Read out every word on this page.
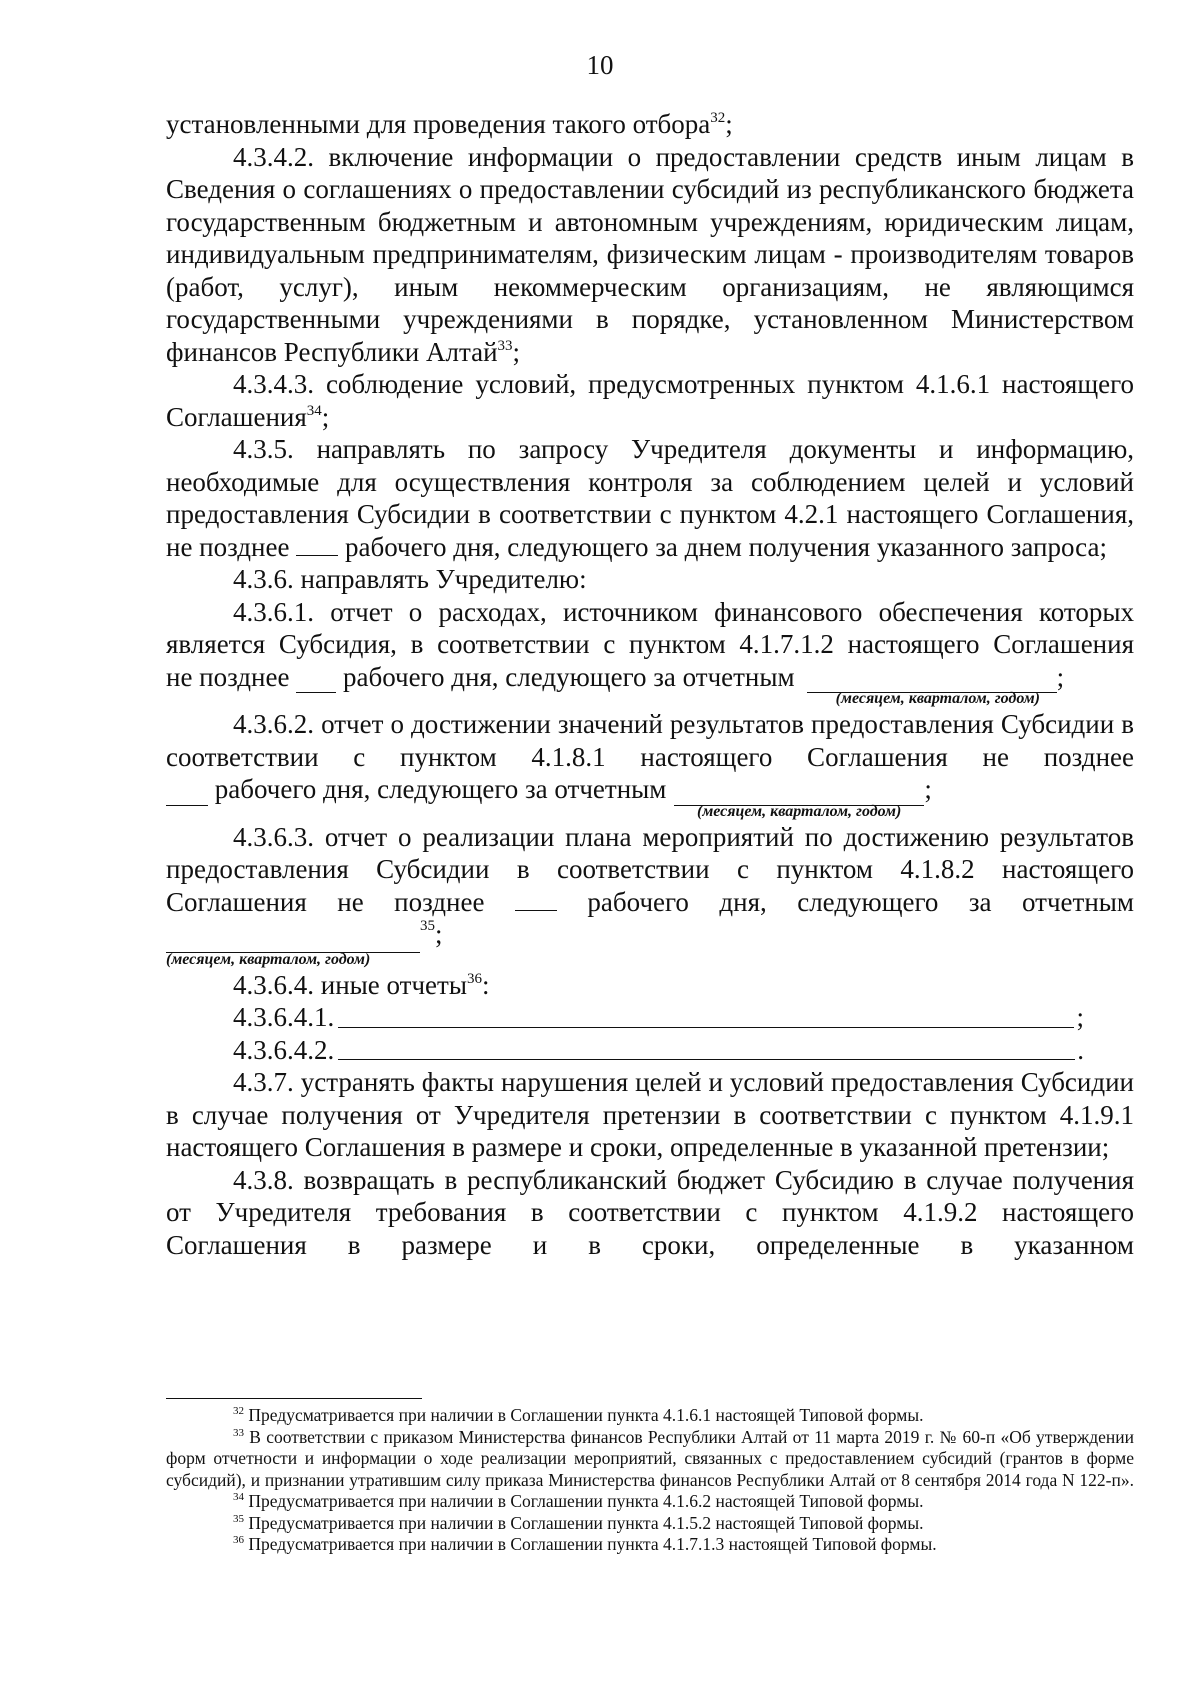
10

установленными для проведения такого отбора$^{32}$;

4.3.4.2. включение информации о предоставлении средств иным лицам в Сведения о соглашениях о предоставлении субсидий из республиканского бюджета государственным бюджетным и автономным учреждениям, юридическим лицам, индивидуальным предпринимателям, физическим лицам - производителям товаров (работ, услуг), иным некоммерческим организациям, не являющимся государственными учреждениями в порядке, установленном Министерством финансов Республики Алтай$^{33}$;

4.3.4.3. соблюдение условий, предусмотренных пунктом 4.1.6.1 настоящего Соглашения$^{34}$;

4.3.5. направлять по запросу Учредителя документы и информацию, необходимые для осуществления контроля за соблюдением целей и условий предоставления Субсидии в соответствии с пунктом 4.2.1 настоящего Соглашения, не позднее рабочего дня, следующего за днем получения указанного запроса;

4.3.6. направлять Учредителю:

4.3.6.1. отчет о расходах, источником финансового обеспечения которых является Субсидия, в соответствии с пунктом 4.1.7.1.2 настоящего Соглашения

не позднее

рабочего дня, следующего за отчетным	;
(месяцем, кварталом, годом)

4.3.6.2. отчет о достижении значений результатов предоставления Субсидии в соответствии с пунктом 4.1.8.1 настоящего Соглашения не позднее

рабочего дня, следующего за отчетным	;
(месяцем, кварталом, годом)

4.3.6.3. отчет о реализации плана мероприятий по достижению результатов предоставления Субсидии в соответствии с пунктом 4.1.8.2 настоящего Соглашения не позднее	рабочего дня, следующего за отчетным

$^{35}$;
(месяцем, кварталом, годом)

4.3.6.4. иные отчеты$^{36}$:

4.3.6.4.1.	;
4.3.6.4.2.	.

4.3.7. устранять факты нарушения целей и условий предоставления Субсидии в случае получения от Учредителя претензии в соответствии с пунктом 4.1.9.1 настоящего Соглашения в размере и сроки, определенные в указанной претензии;

4.3.8. возвращать в республиканский бюджет Субсидию в случае получения от Учредителя требования в соответствии с пунктом 4.1.9.2 настоящего Соглашения в размере и в сроки, определенные в указанном

$^{32}$ Предусматривается при наличии в Соглашении пункта 4.1.6.1 настоящей Типовой формы.

$^{33}$ В соответствии с приказом Министерства финансов Республики Алтай от 11 марта 2019 г. № 60-п «Об утверждении форм отчетности и информации о ходе реализации мероприятий, связанных с предоставлением субсидий (грантов в форме субсидий), и признании утратившим силу приказа Министерства финансов Республики Алтай от 8 сентября 2014 года N 122-п».

$^{34}$ Предусматривается при наличии в Соглашении пункта 4.1.6.2 настоящей Типовой формы.

$^{35}$ Предусматривается при наличии в Соглашении пункта 4.1.5.2 настоящей Типовой формы.

$^{36}$ Предусматривается при наличии в Соглашении пункта 4.1.7.1.3 настоящей Типовой формы.
